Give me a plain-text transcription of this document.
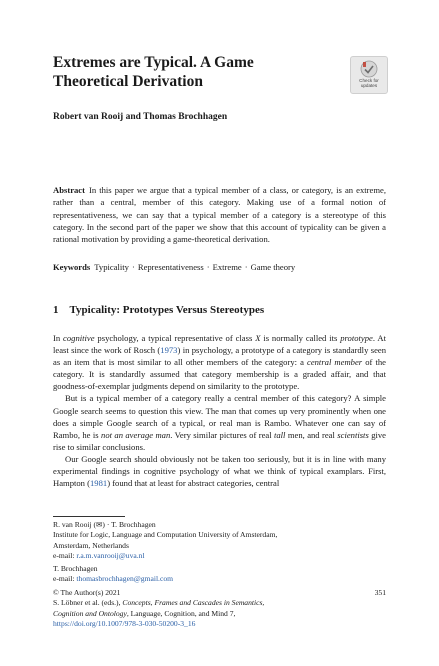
Extremes are Typical. A Game Theoretical Derivation	Check for
updates
Robert van Rooij and Thomas Brochhagen

Abstract In this paper we argue that a typical member of a class, or category, is an extreme, rather than a central, member of this category. Making use of a formal notion of representativeness, we can say that a typical member of a category is a stereotype of this category. In the second part of the paper we show that this account of typicality can be given a rational motivation by providing a game-theoretical derivation.

Keywords Typicality · Representativeness · Extreme · Game theory
1 Typicality: Prototypes Versus Stereotypes

In cognitive psychology, a typical representative of class X is normally called its prototype. At least since the work of Rosch (1973) in psychology, a prototype of a category is standardly seen as an item that is most similar to all other members of the category: a central member of the category. It is standardly assumed that category membership is a graded affair, and that goodness-of-exemplar judgments depend on similarity to the prototype.

But is a typical member of a category really a central member of this category? A simple Google search seems to question this view. The man that comes up very prominently when one does a simple Google search of a typical, or real man is Rambo. Whatever one can say of Rambo, he is not an average man. Very similar pictures of real tall men, and real scientists give rise to similar conclusions.

Our Google search should obviously not be taken too seriously, but it is in line with many experimental findings in cognitive psychology of what we think of typical examplars. First, Hampton (1981) found that at least for abstract categories, central

R. van Rooij (✉) · T. Brochhagen
Institute for Logic, Language and Computation University of Amsterdam,
Amsterdam, Netherlands
e-mail: r.a.m.vanrooij@uva.nl
T. Brochhagen
e-mail: thomasbrochhagen@gmail.com
© The Author(s) 2021
S. Löbner et al. (eds.), Concepts, Frames and Cascades in Semantics,
Cognition and Ontology, Language, Cognition, and Mind 7,
https://doi.org/10.1007/978-3-030-50200-3_16
351
